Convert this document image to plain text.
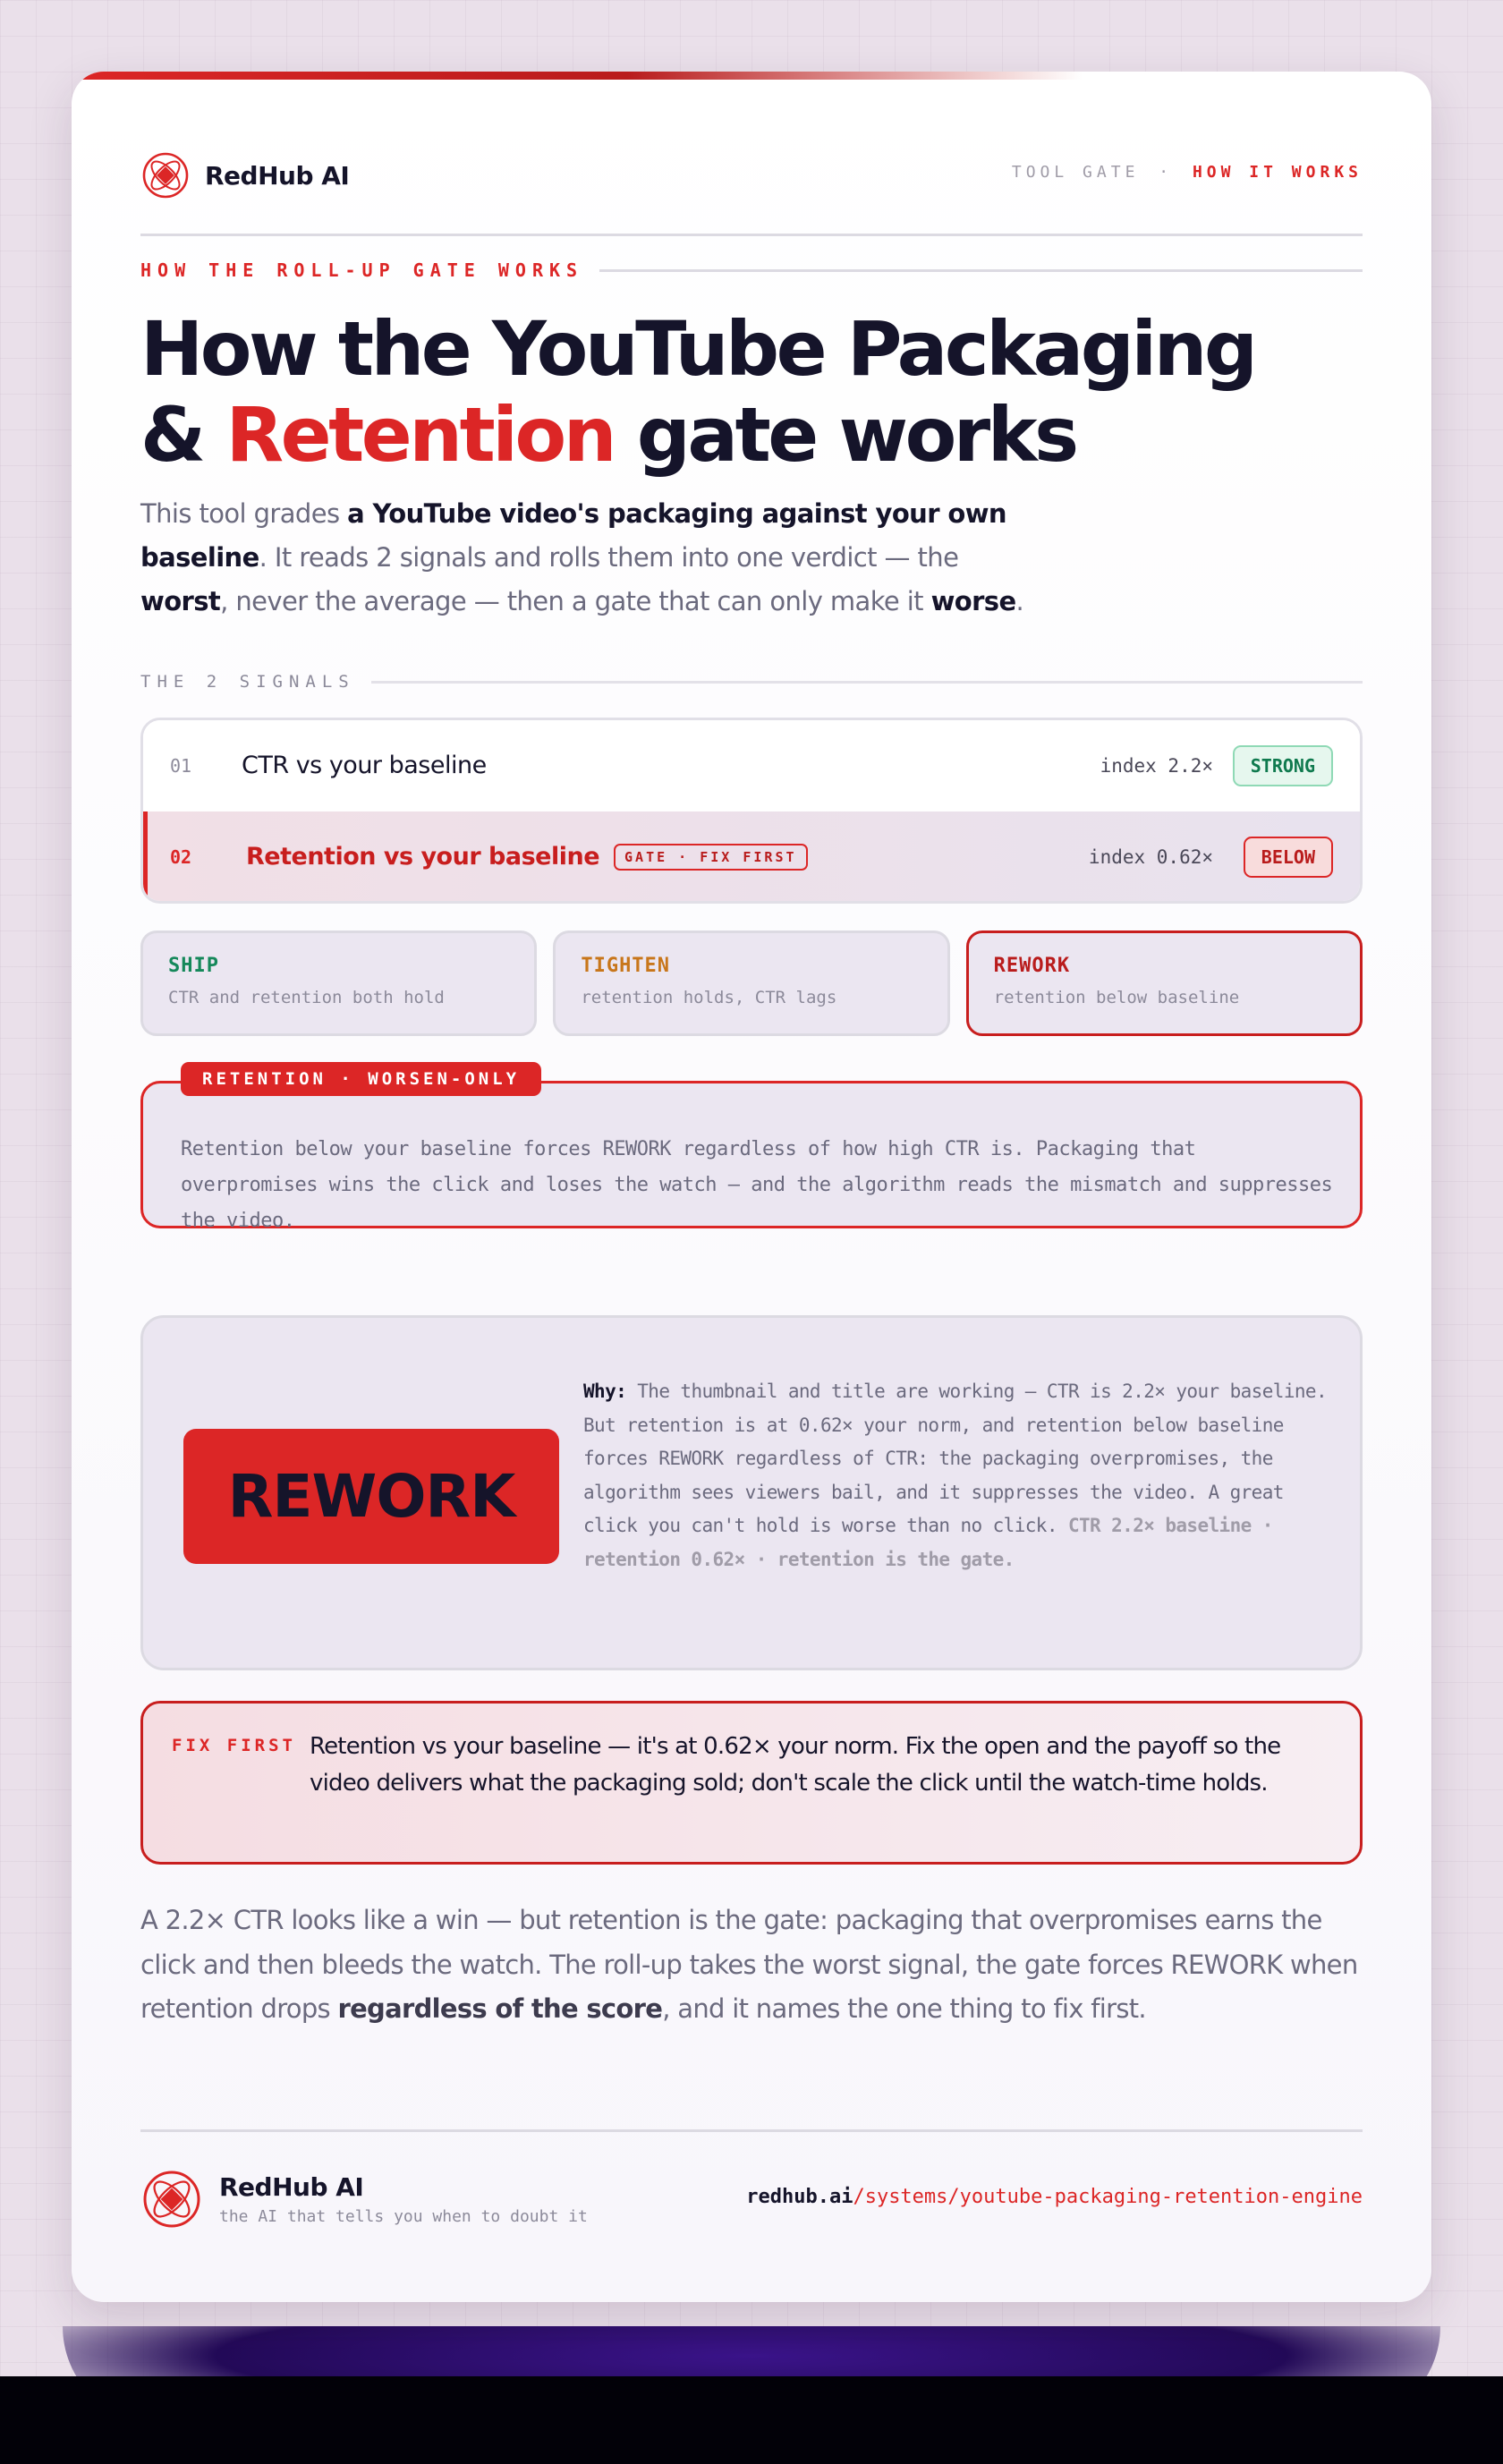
RedHub AI	TOOL GATE · HOW IT WORKS
HOW THE ROLL-UP GATE WORKS
How the YouTube Packaging
& Retention gate works

This tool grades a YouTube video's packaging against your own baseline. It reads 2 signals and rolls them into one verdict — the worst, never the average — then a gate that can only make it worse.

THE 2 SIGNALS
01	CTR vs your baseline	index 2.2×	STRONG
02	Retention vs your baseline	GATE · FIX FIRST	index 0.62×	BELOW
SHIP
CTR and retention both hold
TIGHTEN
retention holds, CTR lags
REWORK
retention below baseline
RETENTION · WORSEN-ONLY

Retention below your baseline forces REWORK regardless of how high CTR is. Packaging that overpromises wins the click and loses the watch — and the algorithm reads the mismatch and suppresses the video.

REWORK

Why: The thumbnail and title are working — CTR is 2.2× your baseline. But retention is at 0.62× your norm, and retention below baseline forces REWORK regardless of CTR: the packaging overpromises, the algorithm sees viewers bail, and it suppresses the video. A great click you can't hold is worse than no click. CTR 2.2× baseline · retention 0.62× · retention is the gate.

FIX FIRST Retention vs your baseline — it's at 0.62× your norm. Fix the open and the payoff so the video delivers what the packaging sold; don't scale the click until the watch-time holds.

A 2.2× CTR looks like a win — but retention is the gate: packaging that overpromises earns the click and then bleeds the watch. The roll-up takes the worst signal, the gate forces REWORK when retention drops regardless of the score, and it names the one thing to fix first.

RedHub AI
the AI that tells you when to doubt it
redhub.ai/systems/youtube-packaging-retention-engine
